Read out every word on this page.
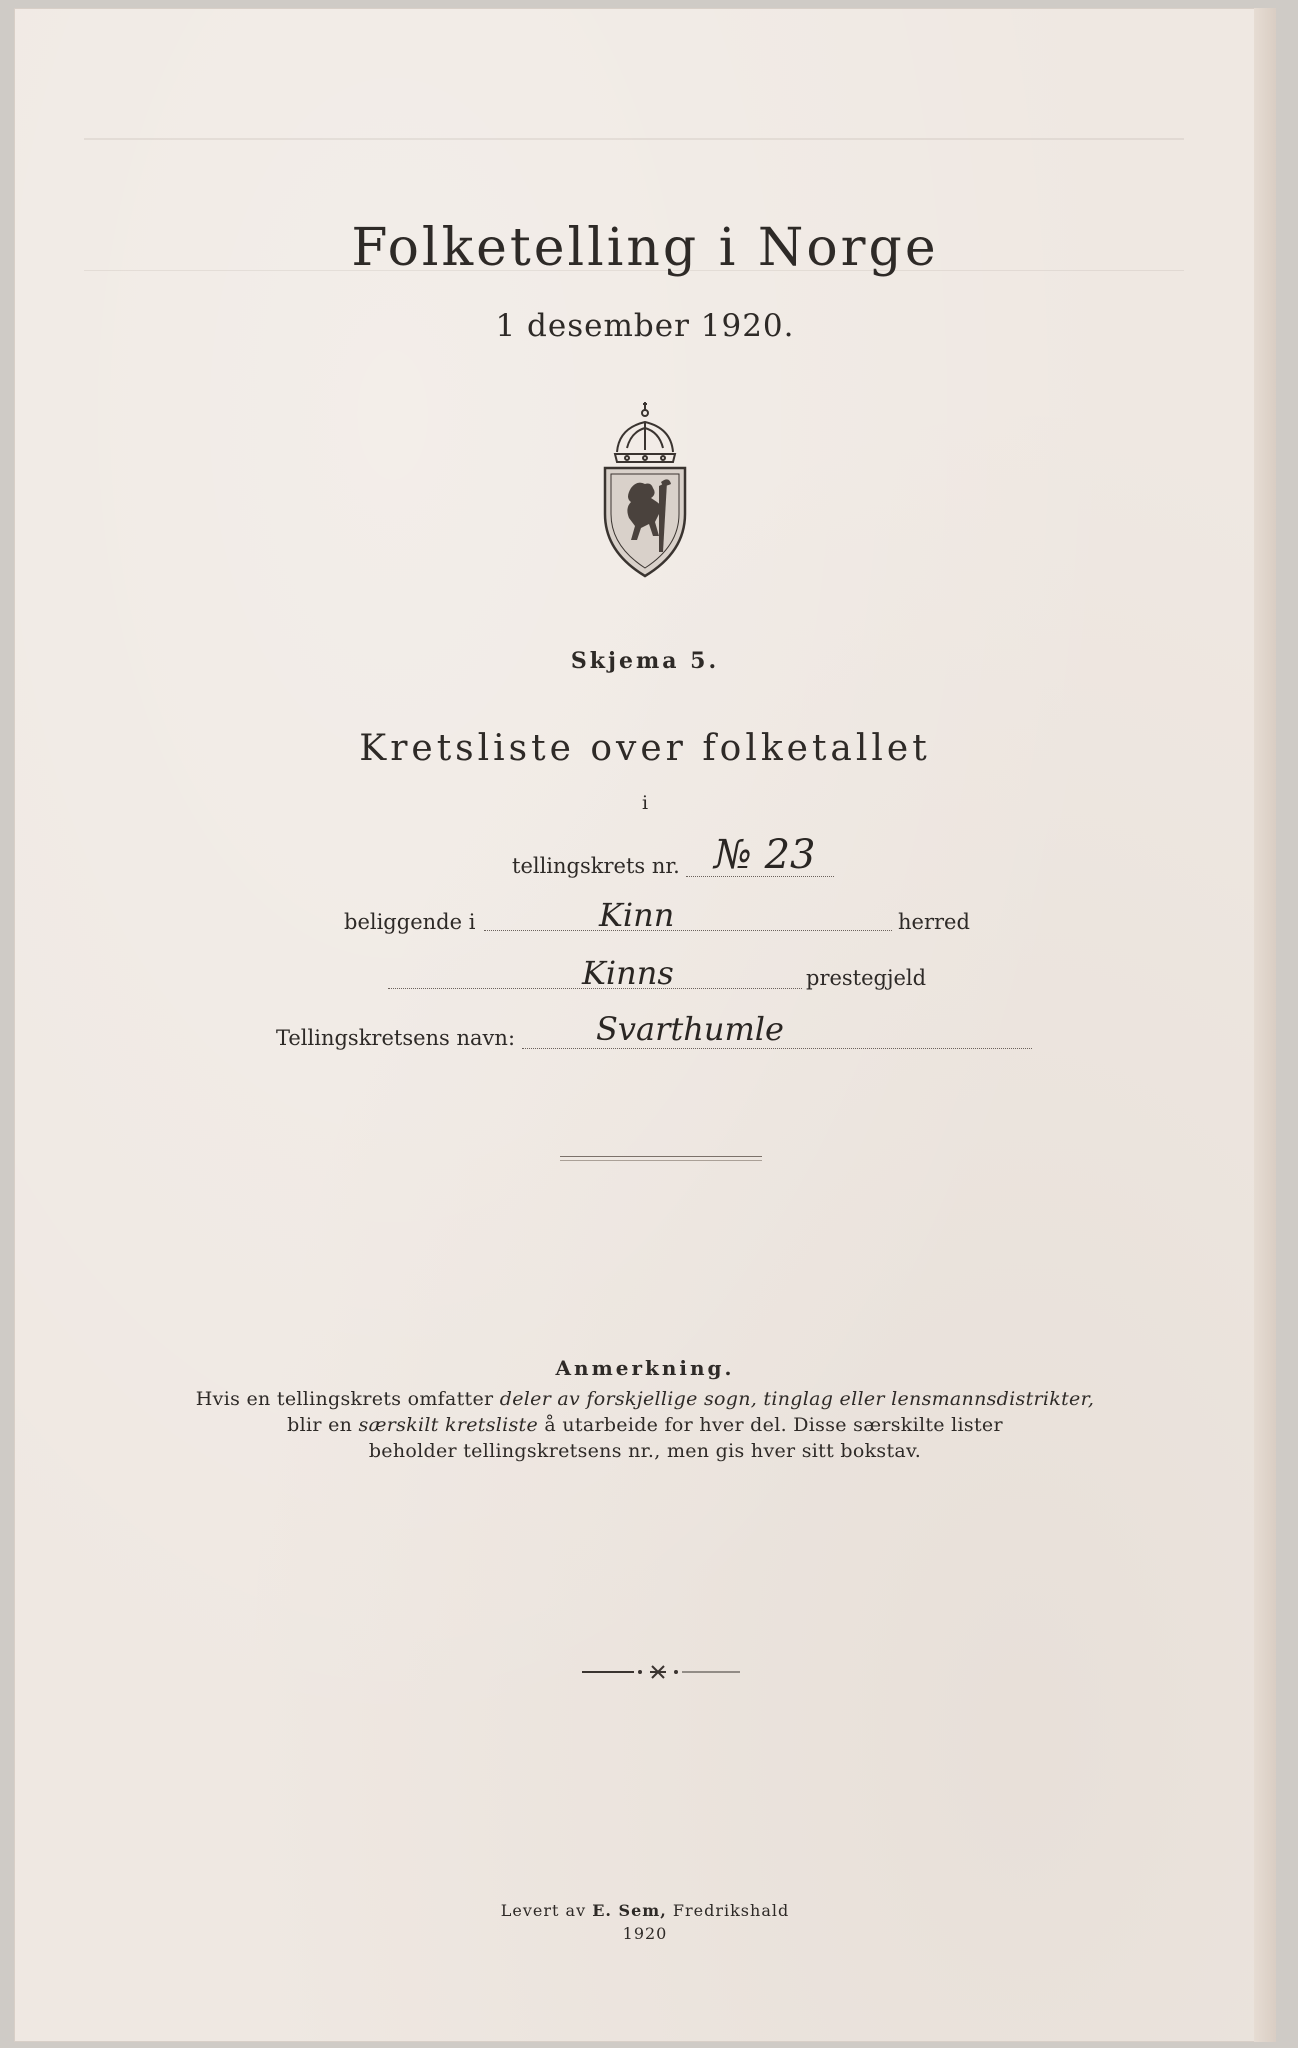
Folketelling i Norge
1 desember 1920.
Skjema 5.
Kretsliste over folketallet
i
tellingskrets nr. № 23
beliggende i	Kinn	herred
Kinns	prestegjeld
Tellingskretsens navn:	Svarthumle
Anmerkning.
Hvis en tellingskrets omfatter deler av forskjellige sogn, tinglag eller lensmannsdistrikter,
blir en særskilt kretsliste å utarbeide for hver del. Disse særskilte lister
beholder tellingskretsens nr., men gis hver sitt bokstav.
Levert av E. Sem, Fredrikshald
1920
